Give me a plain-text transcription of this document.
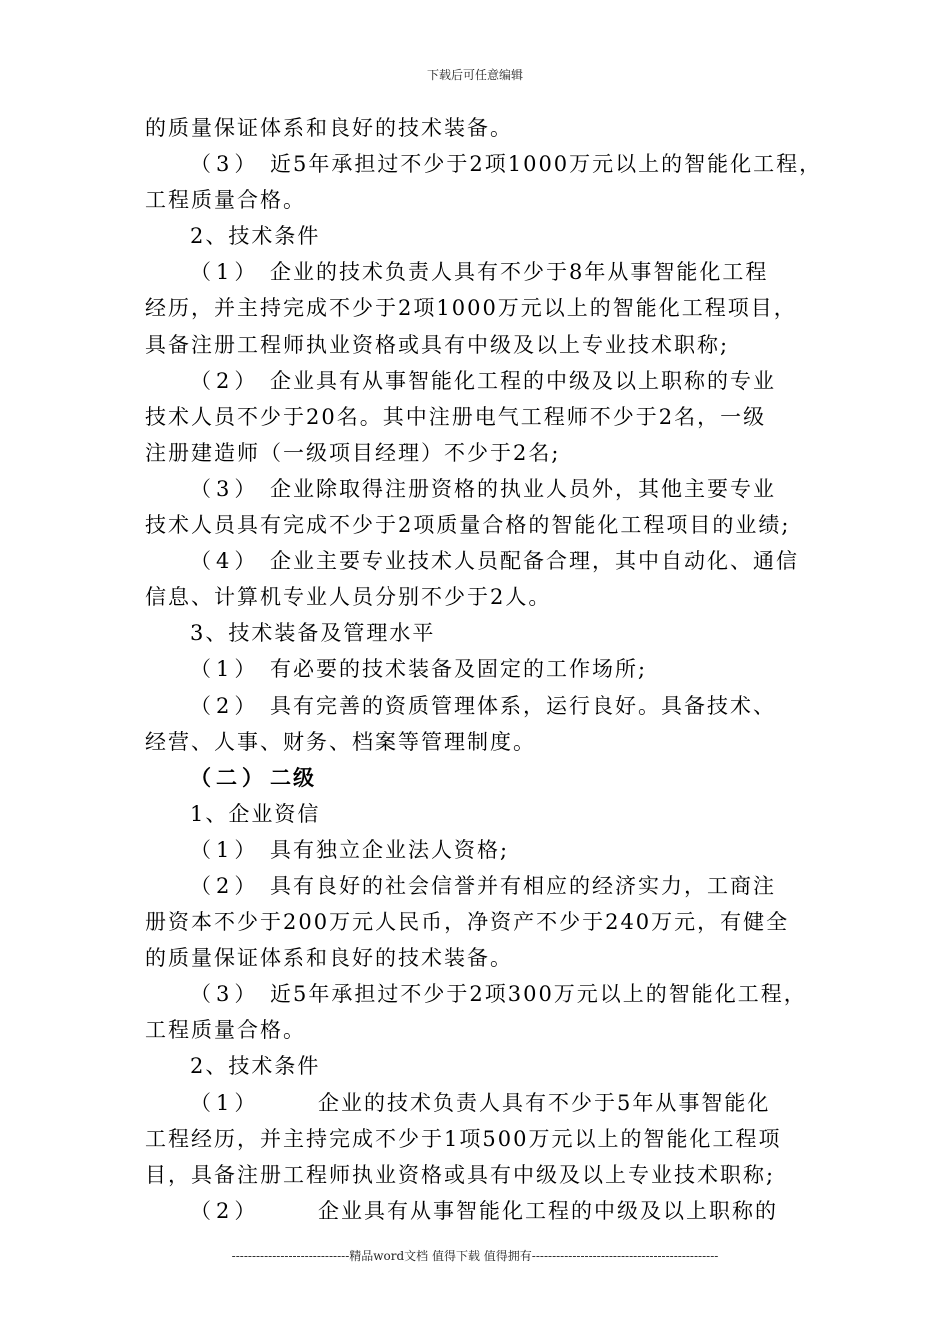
下载后可任意编辑
的质量保证体系和良好的技术装备。
（3） 近5年承担过不少于2项1000万元以上的智能化工程，
工程质量合格。
2、技术条件
（1） 企业的技术负责人具有不少于8年从事智能化工程
经历，并主持完成不少于2项1000万元以上的智能化工程项目，
具备注册工程师执业资格或具有中级及以上专业技术职称;
（2） 企业具有从事智能化工程的中级及以上职称的专业
技术人员不少于20名。其中注册电气工程师不少于2名，一级
注册建造师（一级项目经理）不少于2名;
（3） 企业除取得注册资格的执业人员外，其他主要专业
技术人员具有完成不少于2项质量合格的智能化工程项目的业绩;
（4） 企业主要专业技术人员配备合理，其中自动化、通信
信息、计算机专业人员分别不少于2人。
3、技术装备及管理水平
（1） 有必要的技术装备及固定的工作场所;
（2） 具有完善的资质管理体系，运行良好。具备技术、
经营、人事、财务、档案等管理制度。
（二）二级
1、企业资信
（1） 具有独立企业法人资格;
（2） 具有良好的社会信誉并有相应的经济实力，工商注
册资本不少于200万元人民币，净资产不少于240万元，有健全
的质量保证体系和良好的技术装备。
（3） 近5年承担过不少于2项300万元以上的智能化工程，
工程质量合格。
2、技术条件
（1）	企业的技术负责人具有不少于5年从事智能化
工程经历，并主持完成不少于1项500万元以上的智能化工程项
目，具备注册工程师执业资格或具有中级及以上专业技术职称;
（2）	企业具有从事智能化工程的中级及以上职称的
-----------------------------精品word文档 值得下载 值得拥有----------------------------------------------
